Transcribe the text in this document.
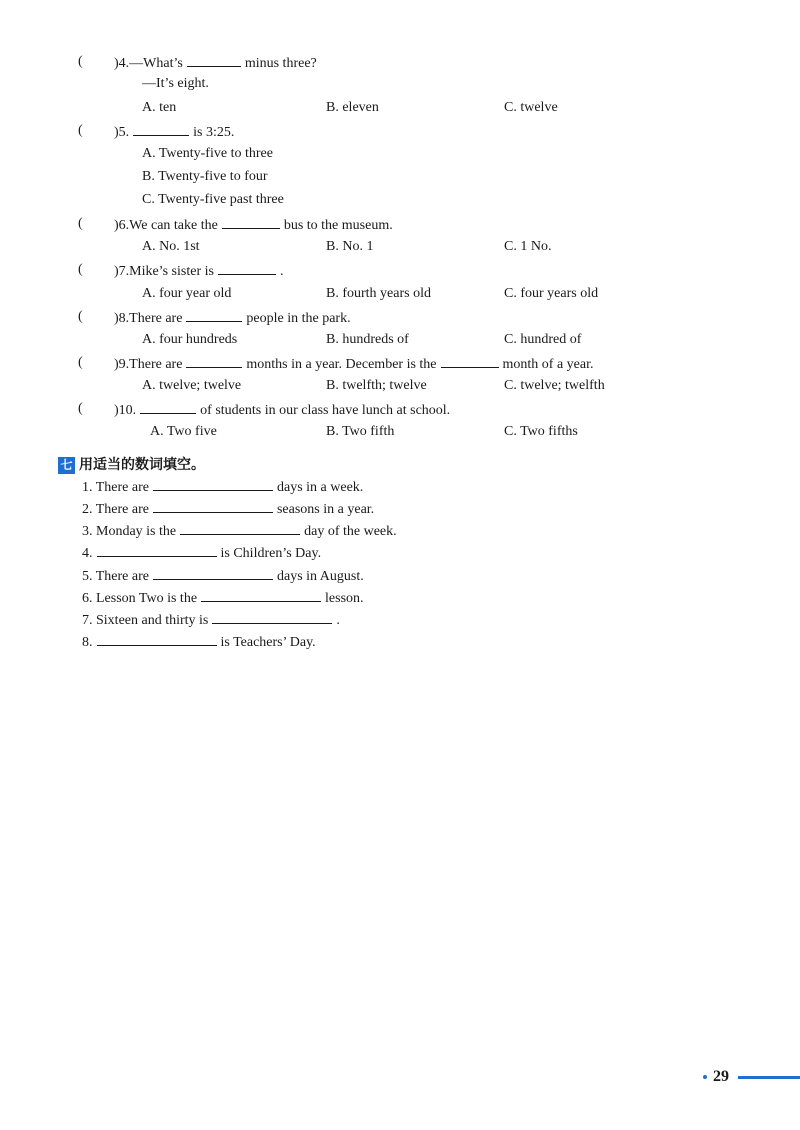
( )4.—What’s	minus three?
—It’s eight.
A. ten	B. eleven	C. twelve
( )5.	is 3:25.
A. Twenty-five to three
B. Twenty-five to four
C. Twenty-five past three
( )6.We can take the	bus to the museum.
A. No. 1st	B. No. 1	C. 1 No.
( )7.Mike’s sister is	.
A. four year old	B. fourth years old	C. four years old
( )8.There are	people in the park.
A. four hundreds	B. hundreds of	C. hundred of
( )9.There are	months in a year. December is the	month of a year.
A. twelve; twelve	B. twelfth; twelve	C. twelve; twelfth
( )10.	of students in our class have lunch at school.
A. Two five	B. Two fifth	C. Two fifths
七 用适当的数词填空。
1. There are	days in a week.
2. There are	seasons in a year.
3. Monday is the	day of the week.
4.	is Children’s Day.
5. There are	days in August.
6. Lesson Two is the	lesson.
7. Sixteen and thirty is	.
8.	is Teachers’ Day.
29
